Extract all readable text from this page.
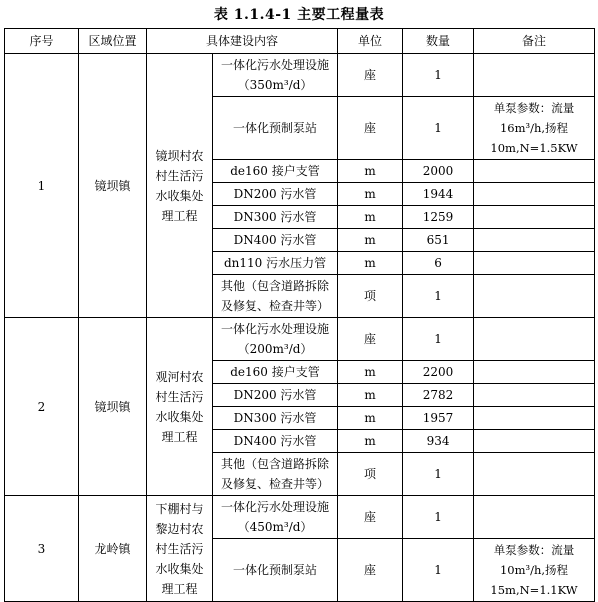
表 1.1.4-1 主要工程量表
序号	区域位置	具体建设内容		单位	数量	备注
1	镜坝镇	镜坝村农村生活污水收集处理工程	一体化污水处理设施（350m³/d）	座	1	
			一体化预制泵站	座	1	单泵参数：流量16m³/h,扬程10m,N=1.5KW
			de160 接户支管	m	2000	
			DN200 污水管	m	1944	
			DN300 污水管	m	1259	
			DN400 污水管	m	651	
			dn110 污水压力管	m	6	
			其他（包含道路拆除及修复、检查井等）	项	1	
2	镜坝镇	观河村农村生活污水收集处理工程	一体化污水处理设施（200m³/d）	座	1	
			de160 接户支管	m	2200	
			DN200 污水管	m	2782	
			DN300 污水管	m	1957	
			DN400 污水管	m	934	
			其他（包含道路拆除及修复、检查井等）	项	1	
3	龙岭镇	下棚村与黎边村农村生活污水收集处理工程	一体化污水处理设施（450m³/d）	座	1	
			一体化预制泵站	座	1	单泵参数：流量10m³/h,扬程15m,N=1.1KW
